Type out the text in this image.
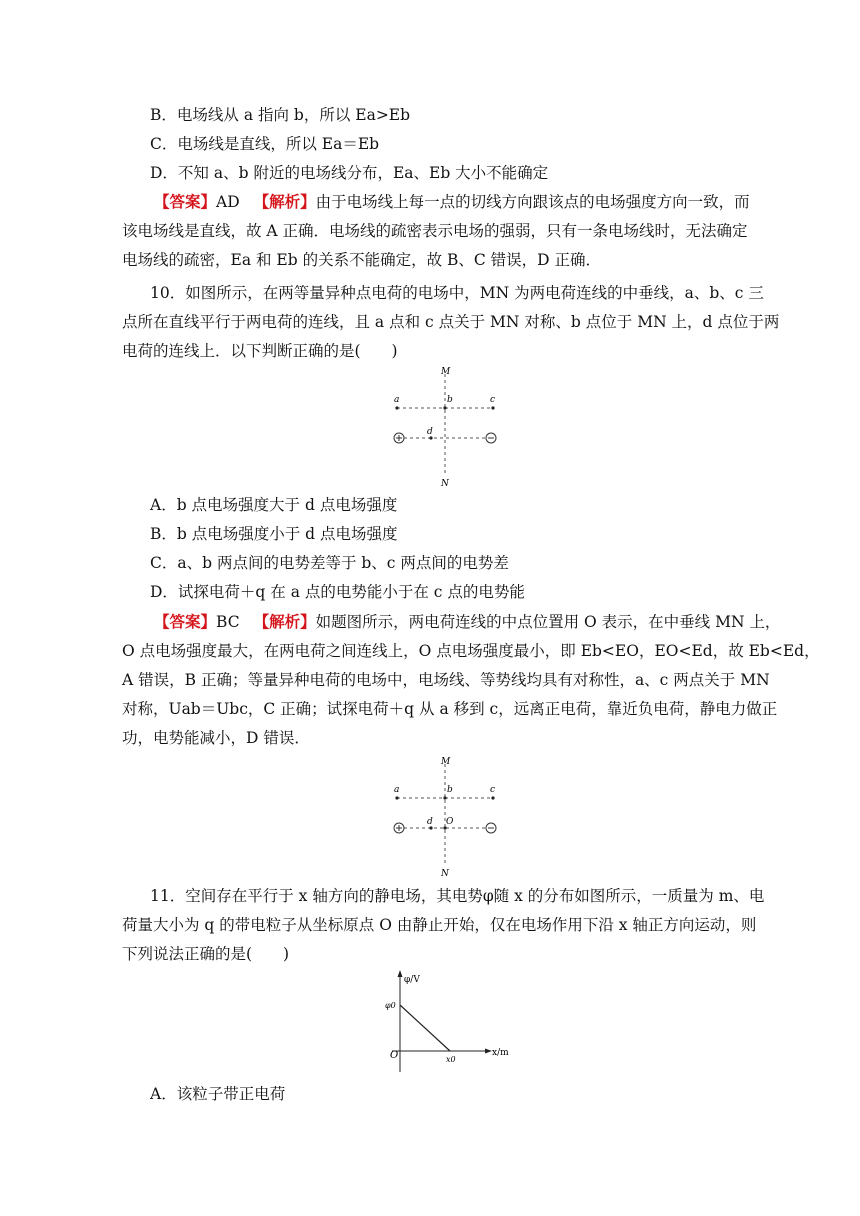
B．电场线从 a 指向 b，所以 Ea>Eb
C．电场线是直线，所以 Ea＝Eb
D．不知 a、b 附近的电场线分布，Ea、Eb 大小不能确定
【答案】AD 【解析】由于电场线上每一点的切线方向跟该点的电场强度方向一致，而
该电场线是直线，故 A 正确．电场线的疏密表示电场的强弱，只有一条电场线时，无法确定
电场线的疏密，Ea 和 Eb 的关系不能确定，故 B、C 错误，D 正确．
10．如图所示，在两等量异种点电荷的电场中，MN 为两电荷连线的中垂线，a、b、c 三
点所在直线平行于两电荷的连线，且 a 点和 c 点关于 MN 对称、b 点位于 MN 上，d 点位于两
电荷的连线上．以下判断正确的是(　　)
M
N
a	b	c
d
A．b 点电场强度大于 d 点电场强度
B．b 点电场强度小于 d 点电场强度
C．a、b 两点间的电势差等于 b、c 两点间的电势差
D．试探电荷＋q 在 a 点的电势能小于在 c 点的电势能
【答案】BC 【解析】如题图所示，两电荷连线的中点位置用 O 表示，在中垂线 MN 上，
O 点电场强度最大，在两电荷之间连线上，O 点电场强度最小，即 Eb<EO，EO<Ed，故 Eb<Ed，
A 错误，B 正确；等量异种电荷的电场中，电场线、等势线均具有对称性，a、c 两点关于 MN
对称，Uab＝Ubc，C 正确；试探电荷＋q 从 a 移到 c，远离正电荷，靠近负电荷，静电力做正
功，电势能减小，D 错误．
M
N
a	b	c
d O
11．空间存在平行于 x 轴方向的静电场，其电势φ随 x 的分布如图所示，一质量为 m、电
荷量大小为 q 的带电粒子从坐标原点 O 由静止开始，仅在电场作用下沿 x 轴正方向运动，则
下列说法正确的是(　　)
φ/V
x/m
O
φ0
x0
A．该粒子带正电荷
